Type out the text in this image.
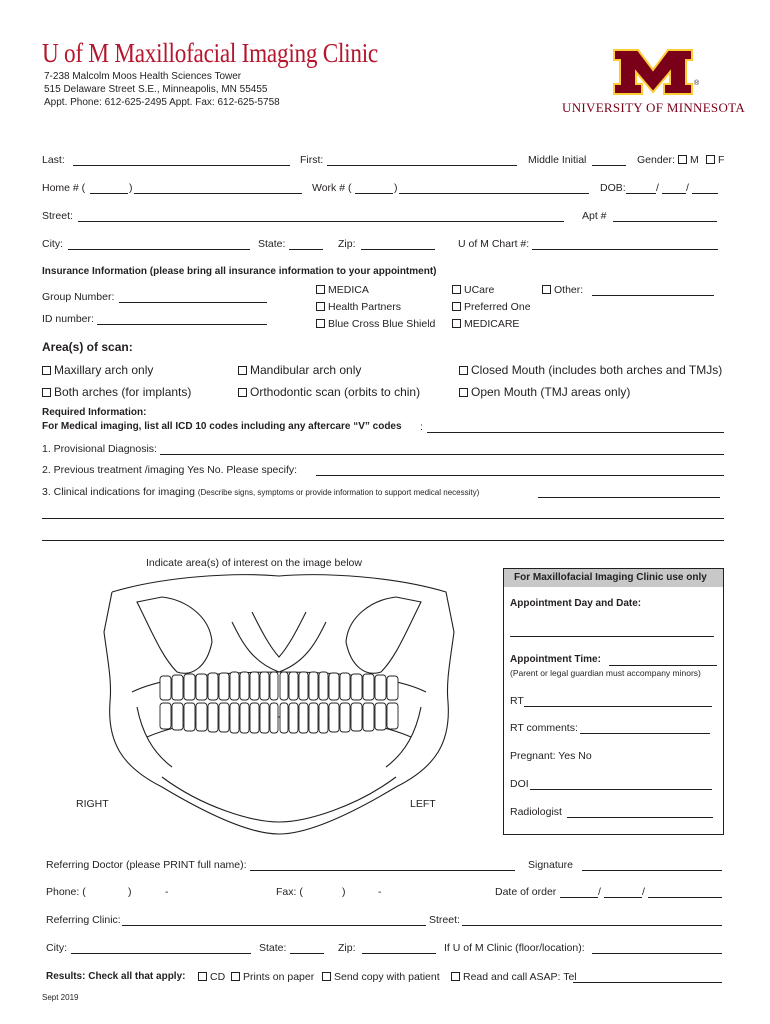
U of M Maxillofacial Imaging Clinic
7-238 Malcolm Moos Health Sciences Tower
515 Delaware Street S.E., Minneapolis, MN 55455
Appt. Phone: 612-625-2495 Appt. Fax: 612-625-5758
®
UNIVERSITY OF MINNESOTA
Last:	First:	Middle Initial	Gender:	M	F
Home # (	)	Work # (	)	DOB:	/	/
Street:	Apt #
City:	State:	Zip:	U of M Chart #:
Insurance Information (please bring all insurance information to your appointment)
Group Number:
ID number:
MEDICA
Health Partners
Blue Cross Blue Shield
UCare
Preferred One
MEDICARE
Other:
Area(s) of scan:
Maxillary arch only	Mandibular arch only	Closed Mouth (includes both arches and TMJs)
Both arches (for implants)	Orthodontic scan (orbits to chin)	Open Mouth (TMJ areas only)
Required Information:
For Medical imaging, list all ICD 10 codes including any aftercare “V” codes :
1. Provisional Diagnosis:
2. Previous treatment /imaging Yes No. Please specify:
3. Clinical indications for imaging (Describe signs, symptoms or provide information to support medical necessity)
Indicate area(s) of interest on the image below
RIGHT	LEFT
For Maxillofacial Imaging Clinic use only
Appointment Day and Date:
Appointment Time:
(Parent or legal guardian must accompany minors)
RT
RT comments:
Pregnant: Yes No
DOI
Radiologist
Referring Doctor (please PRINT full name):	Signature
Phone: (	)	-	Fax: (	)	-	Date of order	/	/
Referring Clinic:	Street:
City:	State:	Zip:	If U of M Clinic (floor/location):
Results: Check all that apply:	CD	Prints on paper	Send copy with patient	Read and call ASAP: Tel
Sept 2019
